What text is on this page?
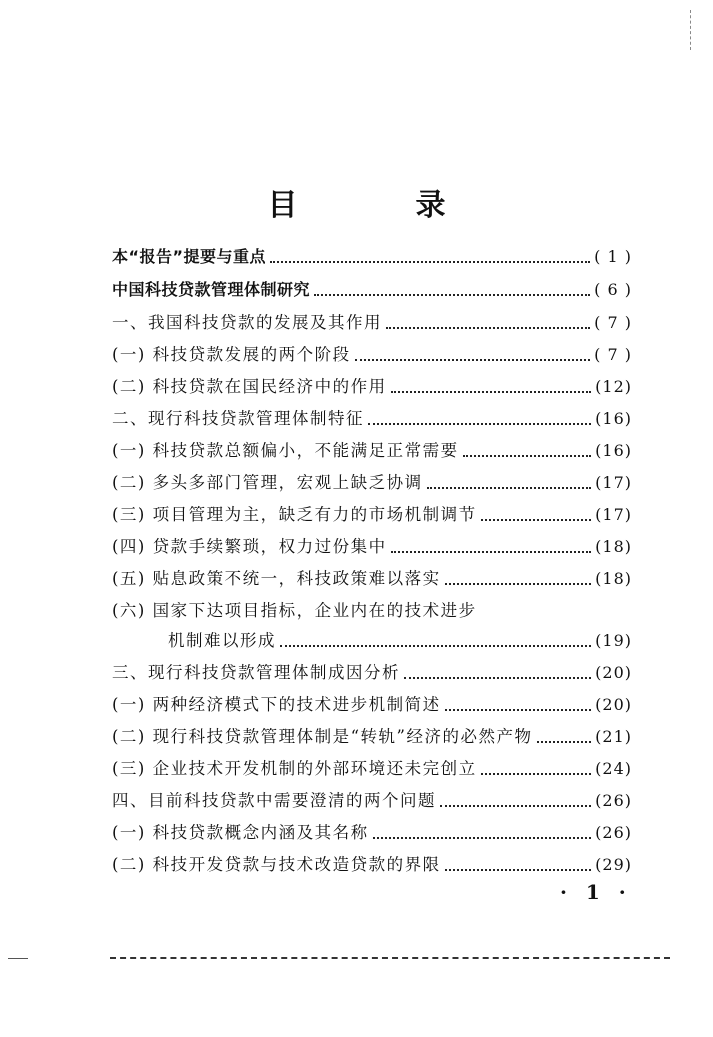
目　录
本“报告”提要与重点	( 1 )
中国科技贷款管理体制研究	( 6 )
一、我国科技贷款的发展及其作用	( 7 )
(一) 科技贷款发展的两个阶段	( 7 )
(二) 科技贷款在国民经济中的作用	(12)
二、现行科技贷款管理体制特征	(16)
(一) 科技贷款总额偏小，不能满足正常需要	(16)
(二) 多头多部门管理，宏观上缺乏协调	(17)
(三) 项目管理为主，缺乏有力的市场机制调节	(17)
(四) 贷款手续繁琐，权力过份集中	(18)
(五) 贴息政策不统一，科技政策难以落实	(18)
(六) 国家下达项目指标，企业内在的技术进步
机制难以形成	(19)
三、现行科技贷款管理体制成因分析	(20)
(一) 两种经济模式下的技术进步机制简述	(20)
(二) 现行科技贷款管理体制是“转轨”经济的必然产物	(21)
(三) 企业技术开发机制的外部环境还未完创立	(24)
四、目前科技贷款中需要澄清的两个问题	(26)
(一) 科技贷款概念内涵及其名称	(26)
(二) 科技开发贷款与技术改造贷款的界限	(29)
· 1 ·
